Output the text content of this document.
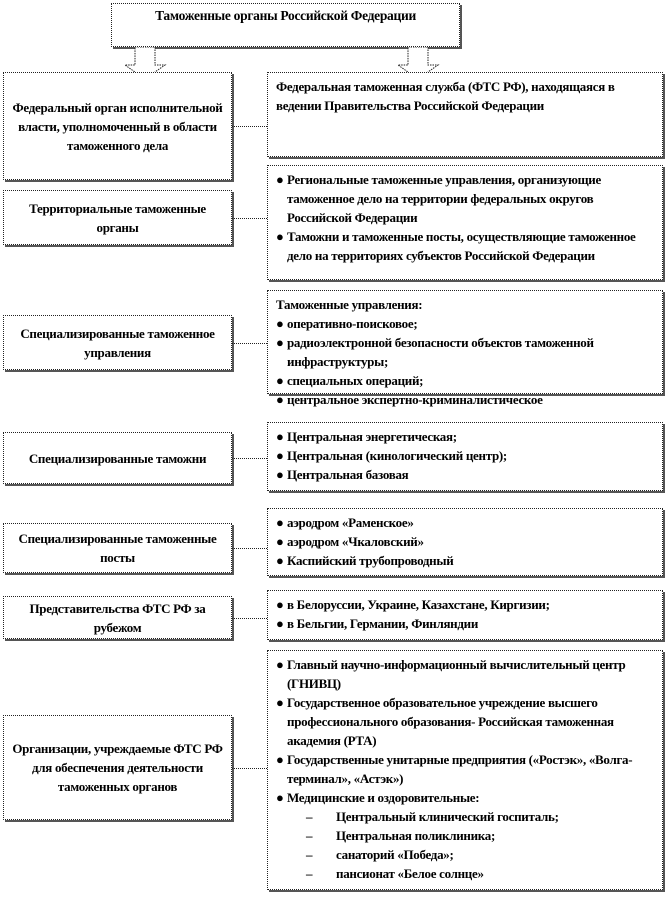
Таможенные органы Российской Федерации
Федеральный орган исполнительной власти, уполномоченный в области таможенного дела
Федеральная таможенная служба (ФТС РФ), находящаяся в ведении Правительства Российской Федерации
Территориальные таможенные органы
● Региональные таможенные управления, организующие таможенное дело на территории федеральных округов Российской Федерации
● Таможни и таможенные посты, осуществляющие таможенное дело на территориях субъектов Российской Федерации
Специализированные таможенное управления
Таможенные управления:
● оперативно-поисковое;
● радиоэлектронной безопасности объектов таможенной инфраструктуры;
● специальных операций;
● центральное экспертно-криминалистическое
Специализированные таможни
● Центральная энергетическая;
● Центральная (кинологический центр);
● Центральная базовая
Специализированные таможенные посты
● аэродром «Раменское»
● аэродром «Чкаловский»
● Каспийский трубопроводный
Представительства ФТС РФ за рубежом
● в Белоруссии, Украине, Казахстане, Киргизии;
● в Бельгии, Германии, Финляндии
Организации, учреждаемые ФТС РФ для обеспечения деятельности таможенных органов
● Главный научно-информационный вычислительный центр (ГНИВЦ)
● Государственное образовательное учреждение высшего профессионального образования- Российская таможенная академия (РТА)
● Государственные унитарные предприятия («Ростэк», «Волга-терминал», «Астэк»)
● Медицинские и оздоровительные:
–	Центральный клинический госпиталь;
–	Центральная поликлиника;
–	санаторий «Победа»;
–	пансионат «Белое солнце»
